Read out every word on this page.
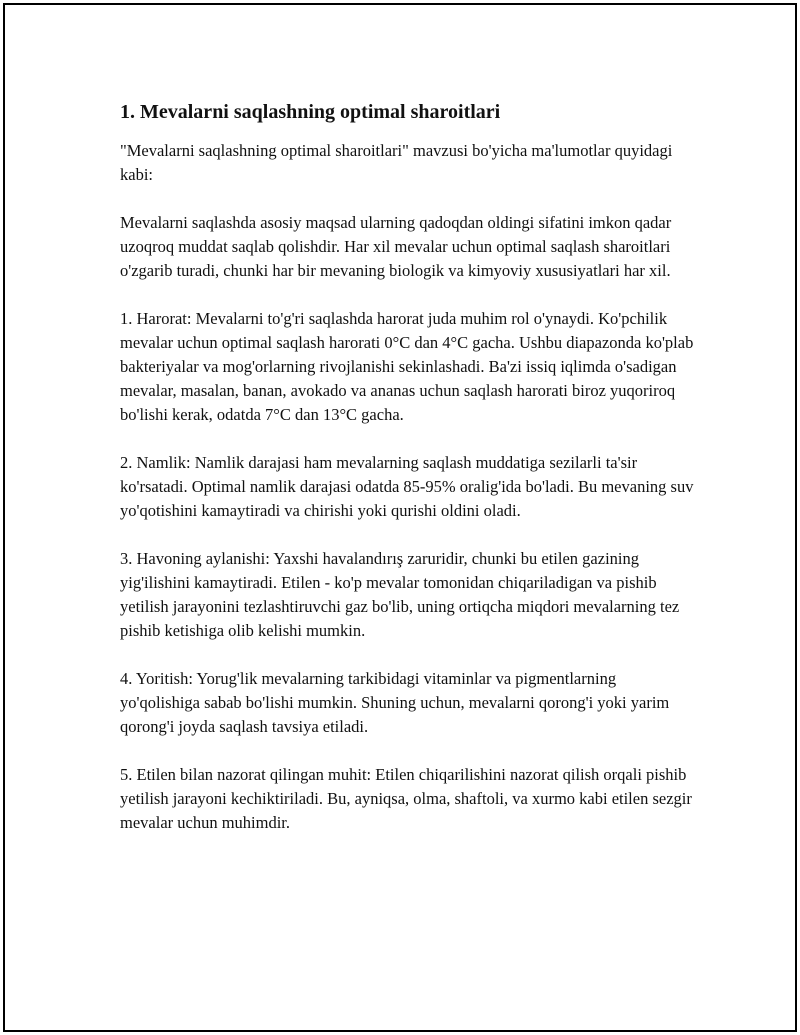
1. Mevalarni saqlashning optimal sharoitlari

"Mevalarni saqlashning optimal sharoitlari" mavzusi bo'yicha ma'lumotlar quyidagi kabi:

Mevalarni saqlashda asosiy maqsad ularning qadoqdan oldingi sifatini imkon qadar uzoqroq muddat saqlab qolishdir. Har xil mevalar uchun optimal saqlash sharoitlari o'zgarib turadi, chunki har bir mevaning biologik va kimyoviy xususiyatlari har xil.

1. Harorat: Mevalarni to'g'ri saqlashda harorat juda muhim rol o'ynaydi. Ko'pchilik mevalar uchun optimal saqlash harorati 0°C dan 4°C gacha. Ushbu diapazonda ko'plab bakteriyalar va mog'orlarning rivojlanishi sekinlashadi. Ba'zi issiq iqlimda o'sadigan mevalar, masalan, banan, avokado va ananas uchun saqlash harorati biroz yuqoriroq bo'lishi kerak, odatda 7°C dan 13°C gacha.

2. Namlik: Namlik darajasi ham mevalarning saqlash muddatiga sezilarli ta'sir ko'rsatadi. Optimal namlik darajasi odatda 85-95% oralig'ida bo'ladi. Bu mevaning suv yo'qotishini kamaytiradi va chirishi yoki qurishi oldini oladi.

3. Havoning aylanishi: Yaxshi havalandırış zaruridir, chunki bu etilen gazining yig'ilishini kamaytiradi. Etilen - ko'p mevalar tomonidan chiqariladigan va pishib yetilish jarayonini tezlashtiruvchi gaz bo'lib, uning ortiqcha miqdori mevalarning tez pishib ketishiga olib kelishi mumkin.

4. Yoritish: Yorug'lik mevalarning tarkibidagi vitaminlar va pigmentlarning yo'qolishiga sabab bo'lishi mumkin. Shuning uchun, mevalarni qorong'i yoki yarim qorong'i joyda saqlash tavsiya etiladi.

5. Etilen bilan nazorat qilingan muhit: Etilen chiqarilishini nazorat qilish orqali pishib yetilish jarayoni kechiktiriladi. Bu, ayniqsa, olma, shaftoli, va xurmo kabi etilen sezgir mevalar uchun muhimdir.
